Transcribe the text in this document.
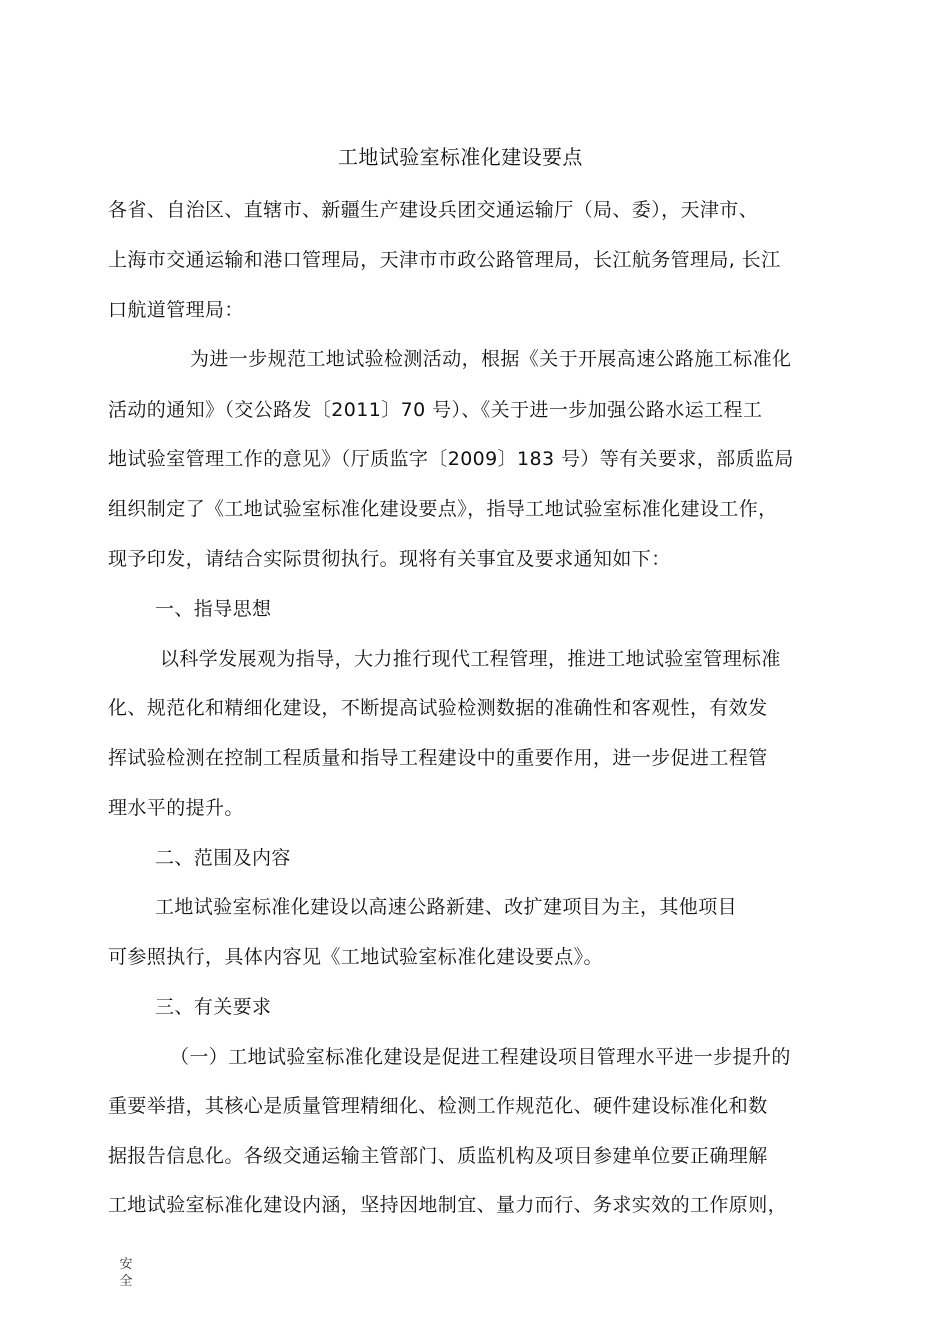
工地试验室标准化建设要点
各省、自治区、直辖市、新疆生产建设兵团交通运输厅（局、委），天津市、
上海市交通运输和港口管理局，天津市市政公路管理局，长江航务管理局, 长江
口航道管理局：
为进一步规范工地试验检测活动，根据《关于开展高速公路施工标准化
活动的通知》（交公路发〔2011〕70 号）、《关于进一步加强公路水运工程工
地试验室管理工作的意见》（厅质监字〔2009〕183 号）等有关要求，部质监局
组织制定了《工地试验室标准化建设要点》，指导工地试验室标准化建设工作，
现予印发，请结合实际贯彻执行。现将有关事宜及要求通知如下：
一、指导思想
以科学发展观为指导，大力推行现代工程管理，推进工地试验室管理标准
化、规范化和精细化建设，不断提高试验检测数据的准确性和客观性，有效发
挥试验检测在控制工程质量和指导工程建设中的重要作用，进一步促进工程管
理水平的提升。
二、范围及内容
工地试验室标准化建设以高速公路新建、改扩建项目为主，其他项目
可参照执行，具体内容见《工地试验室标准化建设要点》。
三、有关要求
（一）工地试验室标准化建设是促进工程建设项目管理水平进一步提升的
重要举措，其核心是质量管理精细化、检测工作规范化、硬件建设标准化和数
据报告信息化。各级交通运输主管部门、质监机构及项目参建单位要正确理解
工地试验室标准化建设内涵，坚持因地制宜、量力而行、务求实效的工作原则，
安
全
